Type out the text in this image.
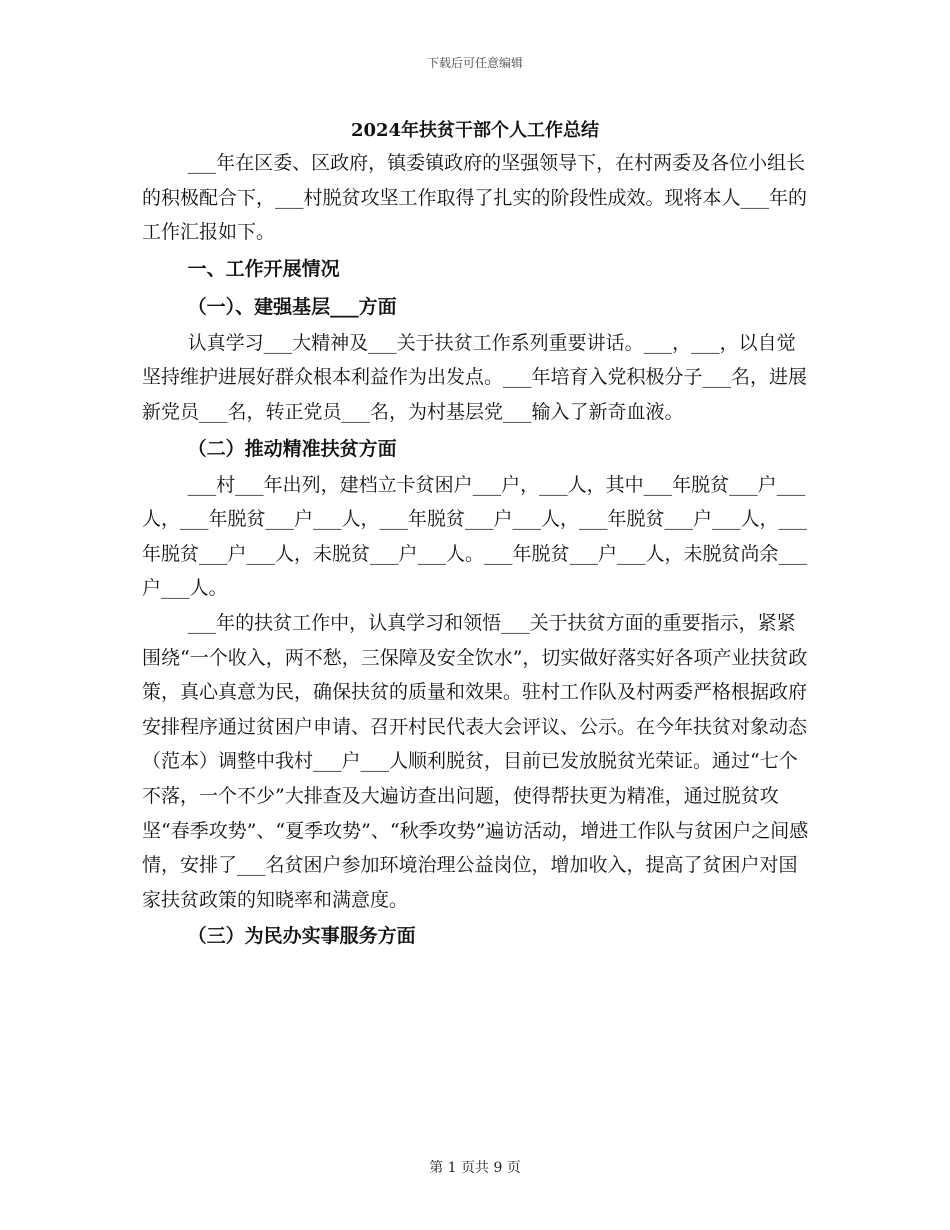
下载后可任意编辑
2024年扶贫干部个人工作总结

___年在区委、区政府，镇委镇政府的坚强领导下，在村两委及各位小组长的积极配合下，___村脱贫攻坚工作取得了扎实的阶段性成效。现将本人___年的工作汇报如下。

一、工作开展情况

（一）、建强基层___方面

认真学习___大精神及___关于扶贫工作系列重要讲话。___，___，以自觉坚持维护进展好群众根本利益作为出发点。___年培育入党积极分子___名，进展新党员___名，转正党员___名，为村基层党___输入了新奇血液。

（二）推动精准扶贫方面

___村___年出列，建档立卡贫困户___户，___人，其中___年脱贫___户___人，___年脱贫___户___人，___年脱贫___户___人，___年脱贫___户___人，___年脱贫___户___人，未脱贫___户___人。___年脱贫___户___人，未脱贫尚余___户___人。

___年的扶贫工作中，认真学习和领悟___关于扶贫方面的重要指示，紧紧围绕“一个收入，两不愁，三保障及安全饮水”，切实做好落实好各项产业扶贫政策，真心真意为民，确保扶贫的质量和效果。驻村工作队及村两委严格根据政府安排程序通过贫困户申请、召开村民代表大会评议、公示。在今年扶贫对象动态（范本）调整中我村___户___人顺利脱贫，目前已发放脱贫光荣证。通过“七个不落，一个不少”大排查及大遍访查出问题，使得帮扶更为精准，通过脱贫攻坚“春季攻势”、“夏季攻势”、“秋季攻势”遍访活动，增进工作队与贫困户之间感情，安排了___名贫困户参加环境治理公益岗位，增加收入，提高了贫困户对国家扶贫政策的知晓率和满意度。

（三）为民办实事服务方面

第 1 页共 9 页
